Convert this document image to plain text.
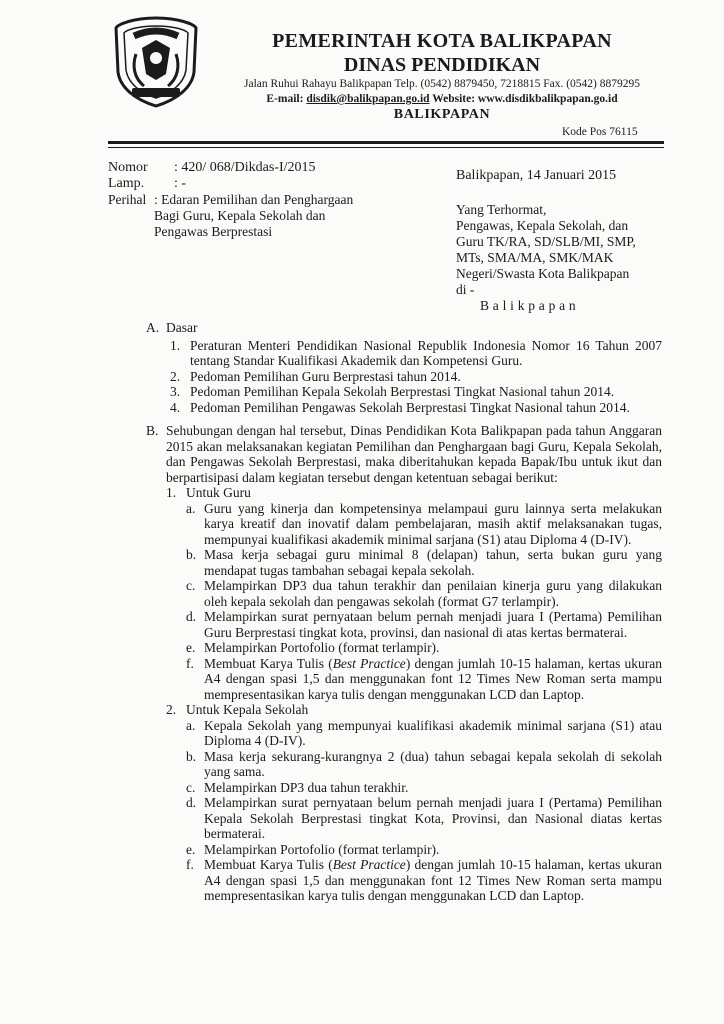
PEMERINTAH KOTA BALIKPAPAN
DINAS PENDIDIKAN
Jalan Ruhui Rahayu Balikpapan Telp. (0542) 8879450, 7218815 Fax. (0542) 8879295
E-mail: disdik@balikpapan.go.id Website: www.disdikbalikpapan.go.id
BALIKPAPAN
Kode Pos 76115
Nomor	: 420/ 068/Dikdas-I/2015
Lamp.	: -
Perihal : Edaran Pemilihan dan Penghargaan
Bagi Guru, Kepala Sekolah dan
Pengawas Berprestasi
Balikpapan, 14 Januari 2015
Yang Terhormat,
Pengawas, Kepala Sekolah, dan
Guru TK/RA, SD/SLB/MI, SMP,
MTs, SMA/MA, SMK/MAK
Negeri/Swasta Kota Balikpapan
di -
Balikpapan
A. Dasar
1. Peraturan Menteri Pendidikan Nasional Republik Indonesia Nomor 16 Tahun 2007 tentang Standar Kualifikasi Akademik dan Kompetensi Guru.
2. Pedoman Pemilihan Guru Berprestasi tahun 2014.
3. Pedoman Pemilihan Kepala Sekolah Berprestasi Tingkat Nasional tahun 2014.
4. Pedoman Pemilihan Pengawas Sekolah Berprestasi Tingkat Nasional tahun 2014.
B. Sehubungan dengan hal tersebut, Dinas Pendidikan Kota Balikpapan pada tahun Anggaran 2015 akan melaksanakan kegiatan Pemilihan dan Penghargaan bagi Guru, Kepala Sekolah, dan Pengawas Sekolah Berprestasi, maka diberitahukan kepada Bapak/Ibu untuk ikut dan berpartisipasi dalam kegiatan tersebut dengan ketentuan sebagai berikut:
1. Untuk Guru
a. Guru yang kinerja dan kompetensinya melampaui guru lainnya serta melakukan karya kreatif dan inovatif dalam pembelajaran, masih aktif melaksanakan tugas, mempunyai kualifikasi akademik minimal sarjana (S1) atau Diploma 4 (D-IV).
b. Masa kerja sebagai guru minimal 8 (delapan) tahun, serta bukan guru yang mendapat tugas tambahan sebagai kepala sekolah.
c. Melampirkan DP3 dua tahun terakhir dan penilaian kinerja guru yang dilakukan oleh kepala sekolah dan pengawas sekolah (format G7 terlampir).
d. Melampirkan surat pernyataan belum pernah menjadi juara I (Pertama) Pemilihan Guru Berprestasi tingkat kota, provinsi, dan nasional di atas kertas bermaterai.
e. Melampirkan Portofolio (format terlampir).
f. Membuat Karya Tulis (Best Practice) dengan jumlah 10-15 halaman, kertas ukuran A4 dengan spasi 1,5 dan menggunakan font 12 Times New Roman serta mampu mempresentasikan karya tulis dengan menggunakan LCD dan Laptop.
2. Untuk Kepala Sekolah
a. Kepala Sekolah yang mempunyai kualifikasi akademik minimal sarjana (S1) atau Diploma 4 (D-IV).
b. Masa kerja sekurang-kurangnya 2 (dua) tahun sebagai kepala sekolah di sekolah yang sama.
c. Melampirkan DP3 dua tahun terakhir.
d. Melampirkan surat pernyataan belum pernah menjadi juara I (Pertama) Pemilihan Kepala Sekolah Berprestasi tingkat Kota, Provinsi, dan Nasional diatas kertas bermaterai.
e. Melampirkan Portofolio (format terlampir).
f. Membuat Karya Tulis (Best Practice) dengan jumlah 10-15 halaman, kertas ukuran A4 dengan spasi 1,5 dan menggunakan font 12 Times New Roman serta mampu mempresentasikan karya tulis dengan menggunakan LCD dan Laptop.
